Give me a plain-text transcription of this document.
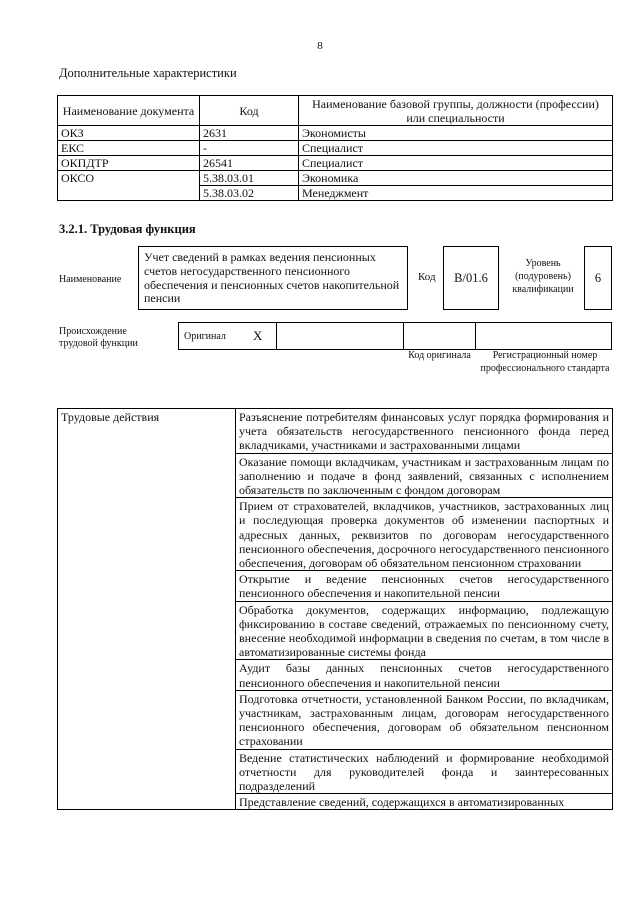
8
Дополнительные характеристики
Наименование документа	Код	Наименование базовой группы, должности (профессии) или специальности
ОКЗ	2631	Экономисты
ЕКС	-	Специалист
ОКПДТР	26541	Специалист
ОКСО	5.38.03.01	Экономика
	5.38.03.02	Менеджмент
3.2.1. Трудовая функция
Наименование
Учет сведений в рамках ведения пенсионных счетов негосударственного пенсионного обеспечения и пенсионных счетов накопительной пенсии
Код	B/01.6
Уровень (подуровень) квалификации
6
Происхождение трудовой функции
Оригинал X
Код оригинала	Регистрационный номер профессионального стандарта
Трудовые действия	Разъяснение потребителям финансовых услуг порядка формирования и учета обязательств негосударственного пенсионного фонда перед вкладчиками, участниками и застрахованными лицами
Оказание помощи вкладчикам, участникам и застрахованным лицам по заполнению и подаче в фонд заявлений, связанных с исполнением обязательств по заключенным с фондом договорам
Прием от страхователей, вкладчиков, участников, застрахованных лиц и последующая проверка документов об изменении паспортных и адресных данных, реквизитов по договорам негосударственного пенсионного обеспечения, досрочного негосударственного пенсионного обеспечения, договорам об обязательном пенсионном страховании
Открытие и ведение пенсионных счетов негосударственного пенсионного обеспечения и накопительной пенсии
Обработка документов, содержащих информацию, подлежащую фиксированию в составе сведений, отражаемых по пенсионному счету, внесение необходимой информации в сведения по счетам, в том числе в автоматизированные системы фонда
Аудит базы данных пенсионных счетов негосударственного пенсионного обеспечения и накопительной пенсии
Подготовка отчетности, установленной Банком России, по вкладчикам, участникам, застрахованным лицам, договорам негосударственного пенсионного обеспечения, договорам об обязательном пенсионном страховании
Ведение статистических наблюдений и формирование необходимой отчетности для руководителей фонда и заинтересованных подразделений
Представление сведений, содержащихся в автоматизированных
